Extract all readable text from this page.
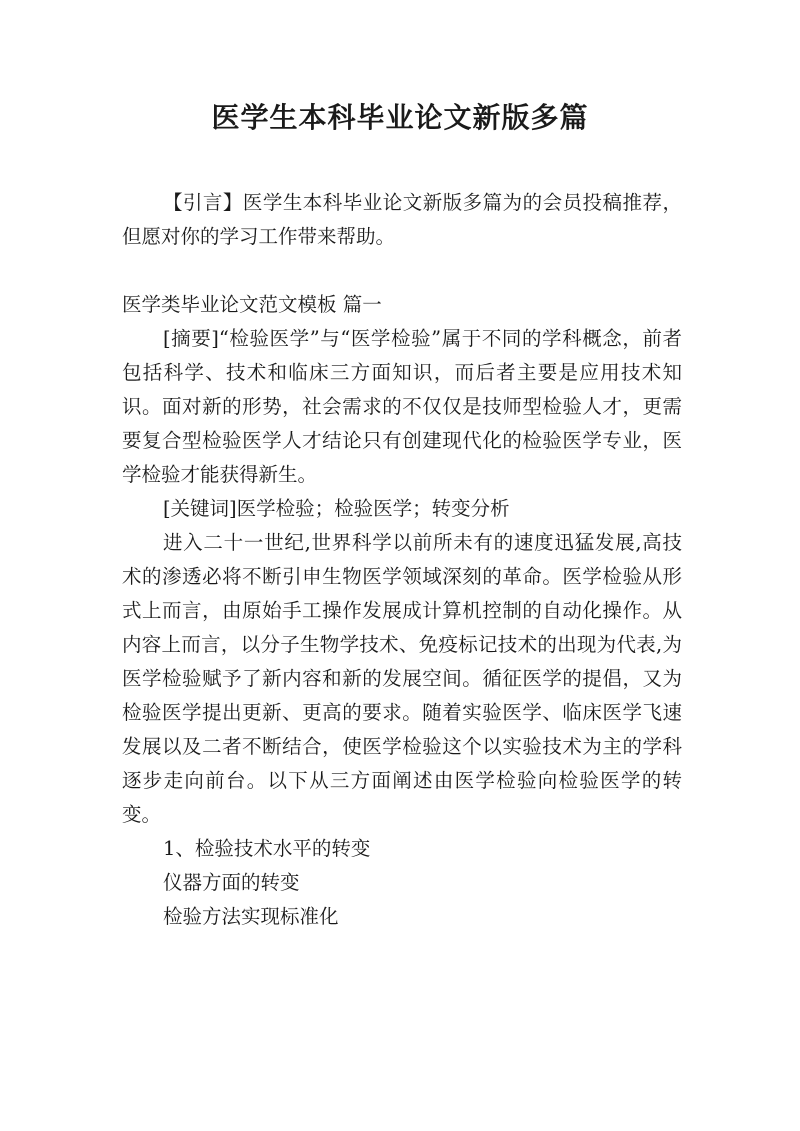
医学生本科毕业论文新版多篇

【引言】医学生本科毕业论文新版多篇为的会员投稿推荐，但愿对你的学习工作带来帮助。

医学类毕业论文范文模板 篇一

[摘要]“检验医学”与“医学检验”属于不同的学科概念，前者包括科学、技术和临床三方面知识，而后者主要是应用技术知识。面对新的形势，社会需求的不仅仅是技师型检验人才，更需要复合型检验医学人才结论只有创建现代化的检验医学专业，医学检验才能获得新生。

[关键词]医学检验；检验医学；转变分析

进入二十一世纪,世界科学以前所未有的速度迅猛发展,高技术的渗透必将不断引申生物医学领域深刻的革命。医学检验从形式上而言，由原始手工操作发展成计算机控制的自动化操作。从内容上而言，以分子生物学技术、免疫标记技术的出现为代表,为医学检验赋予了新内容和新的发展空间。循征医学的提倡，又为检验医学提出更新、更高的要求。随着实验医学、临床医学飞速发展以及二者不断结合，使医学检验这个以实验技术为主的学科逐步走向前台。以下从三方面阐述由医学检验向检验医学的转变。

1、检验技术水平的转变

仪器方面的转变

检验方法实现标准化
